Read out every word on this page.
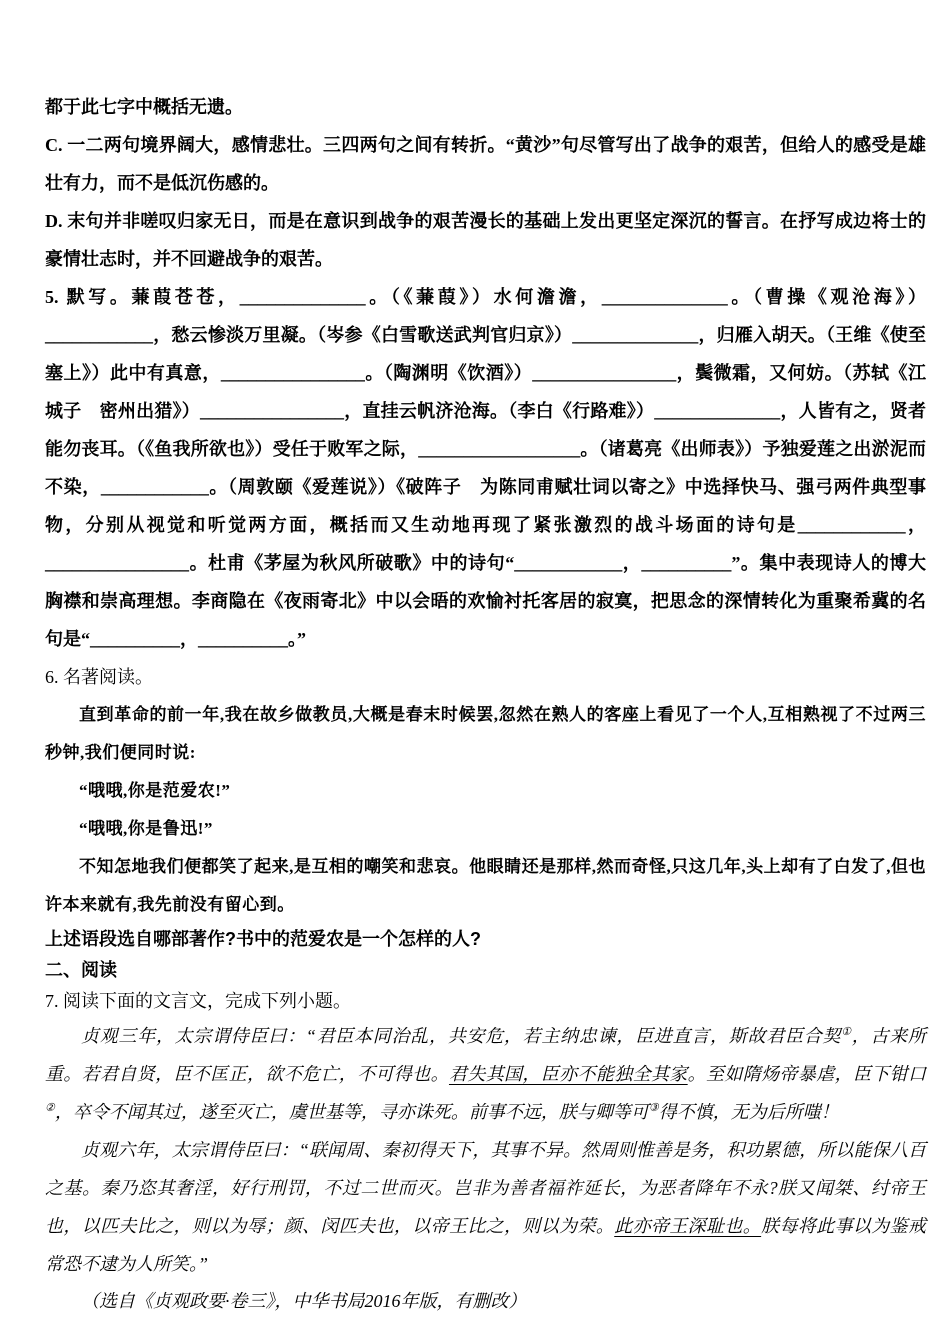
都于此七字中概括无遗。

C. 一二两句境界阔大，感情悲壮。三四两句之间有转折。“黄沙”句尽管写出了战争的艰苦，但给人的感受是雄壮有力，而不是低沉伤感的。

D. 末句并非嗟叹归家无日，而是在意识到战争的艰苦漫长的基础上发出更坚定深沉的誓言。在抒写成边将士的豪情壮志时，并不回避战争的艰苦。

5. 默写。蒹葭苍苍，______________。（《蒹葭》）水何澹澹，______________。（曹操《观沧海》）____________，愁云惨淡万里凝。（岑参《白雪歌送武判官归京》）______________，归雁入胡天。（王维《使至塞上》）此中有真意，________________。（陶渊明《饮酒》）________________，鬓微霜，又何妨。（苏轼《江城子　密州出猎》）________________，直挂云帆济沧海。（李白《行路难》）______________，人皆有之，贤者能勿丧耳。（《鱼我所欲也》）受任于败军之际，__________________。（诸葛亮《出师表》）予独爱莲之出淤泥而不染，____________。（周敦颐《爱莲说》）《破阵子　为陈同甫赋壮词以寄之》中选择快马、强弓两件典型事物，分别从视觉和听觉两方面，概括而又生动地再现了紧张激烈的战斗场面的诗句是____________，________________。杜甫《茅屋为秋风所破歌》中的诗句“____________，__________”。集中表现诗人的博大胸襟和崇高理想。李商隐在《夜雨寄北》中以会晤的欢愉衬托客居的寂寞，把思念的深情转化为重聚希冀的名句是“__________，__________。”

6. 名著阅读。

直到革命的前一年,我在故乡做教员,大概是春末时候罢,忽然在熟人的客座上看见了一个人,互相熟视了不过两三秒钟,我们便同时说:

“哦哦,你是范爱农!”

“哦哦,你是鲁迅!”

不知怎地我们便都笑了起来,是互相的嘲笑和悲哀。他眼睛还是那样,然而奇怪,只这几年,头上却有了白发了,但也许本来就有,我先前没有留心到。

上述语段选自哪部著作?书中的范爱农是一个怎样的人?

二、阅读

7. 阅读下面的文言文，完成下列小题。

贞观三年，太宗谓侍臣曰：“君臣本同治乱，共安危，若主纳忠谏，臣进直言，斯故君臣合契①，古来所重。若君自贤，臣不匡正，欲不危亡，不可得也。君失其国，臣亦不能独全其家。至如隋炀帝暴虐，臣下钳口②，卒令不闻其过，遂至灭亡，虞世基等，寻亦诛死。前事不远，朕与卿等可③得不慎，无为后所嗤！

贞观六年，太宗谓侍臣曰：“联闻周、秦初得天下，其事不异。然周则惟善是务，积功累德，所以能保八百之基。秦乃恣其奢淫，好行刑罚，不过二世而灭。岂非为善者福祚延长，为恶者降年不永?朕又闻桀、纣帝王也，以匹夫比之，则以为辱；颜、闵匹夫也，以帝王比之，则以为荣。此亦帝王深耻也。朕每将此事以为鉴戒常恐不逮为人所笑。”

（选自《贞观政要·卷三》，中华书局2016年版，有删改）
